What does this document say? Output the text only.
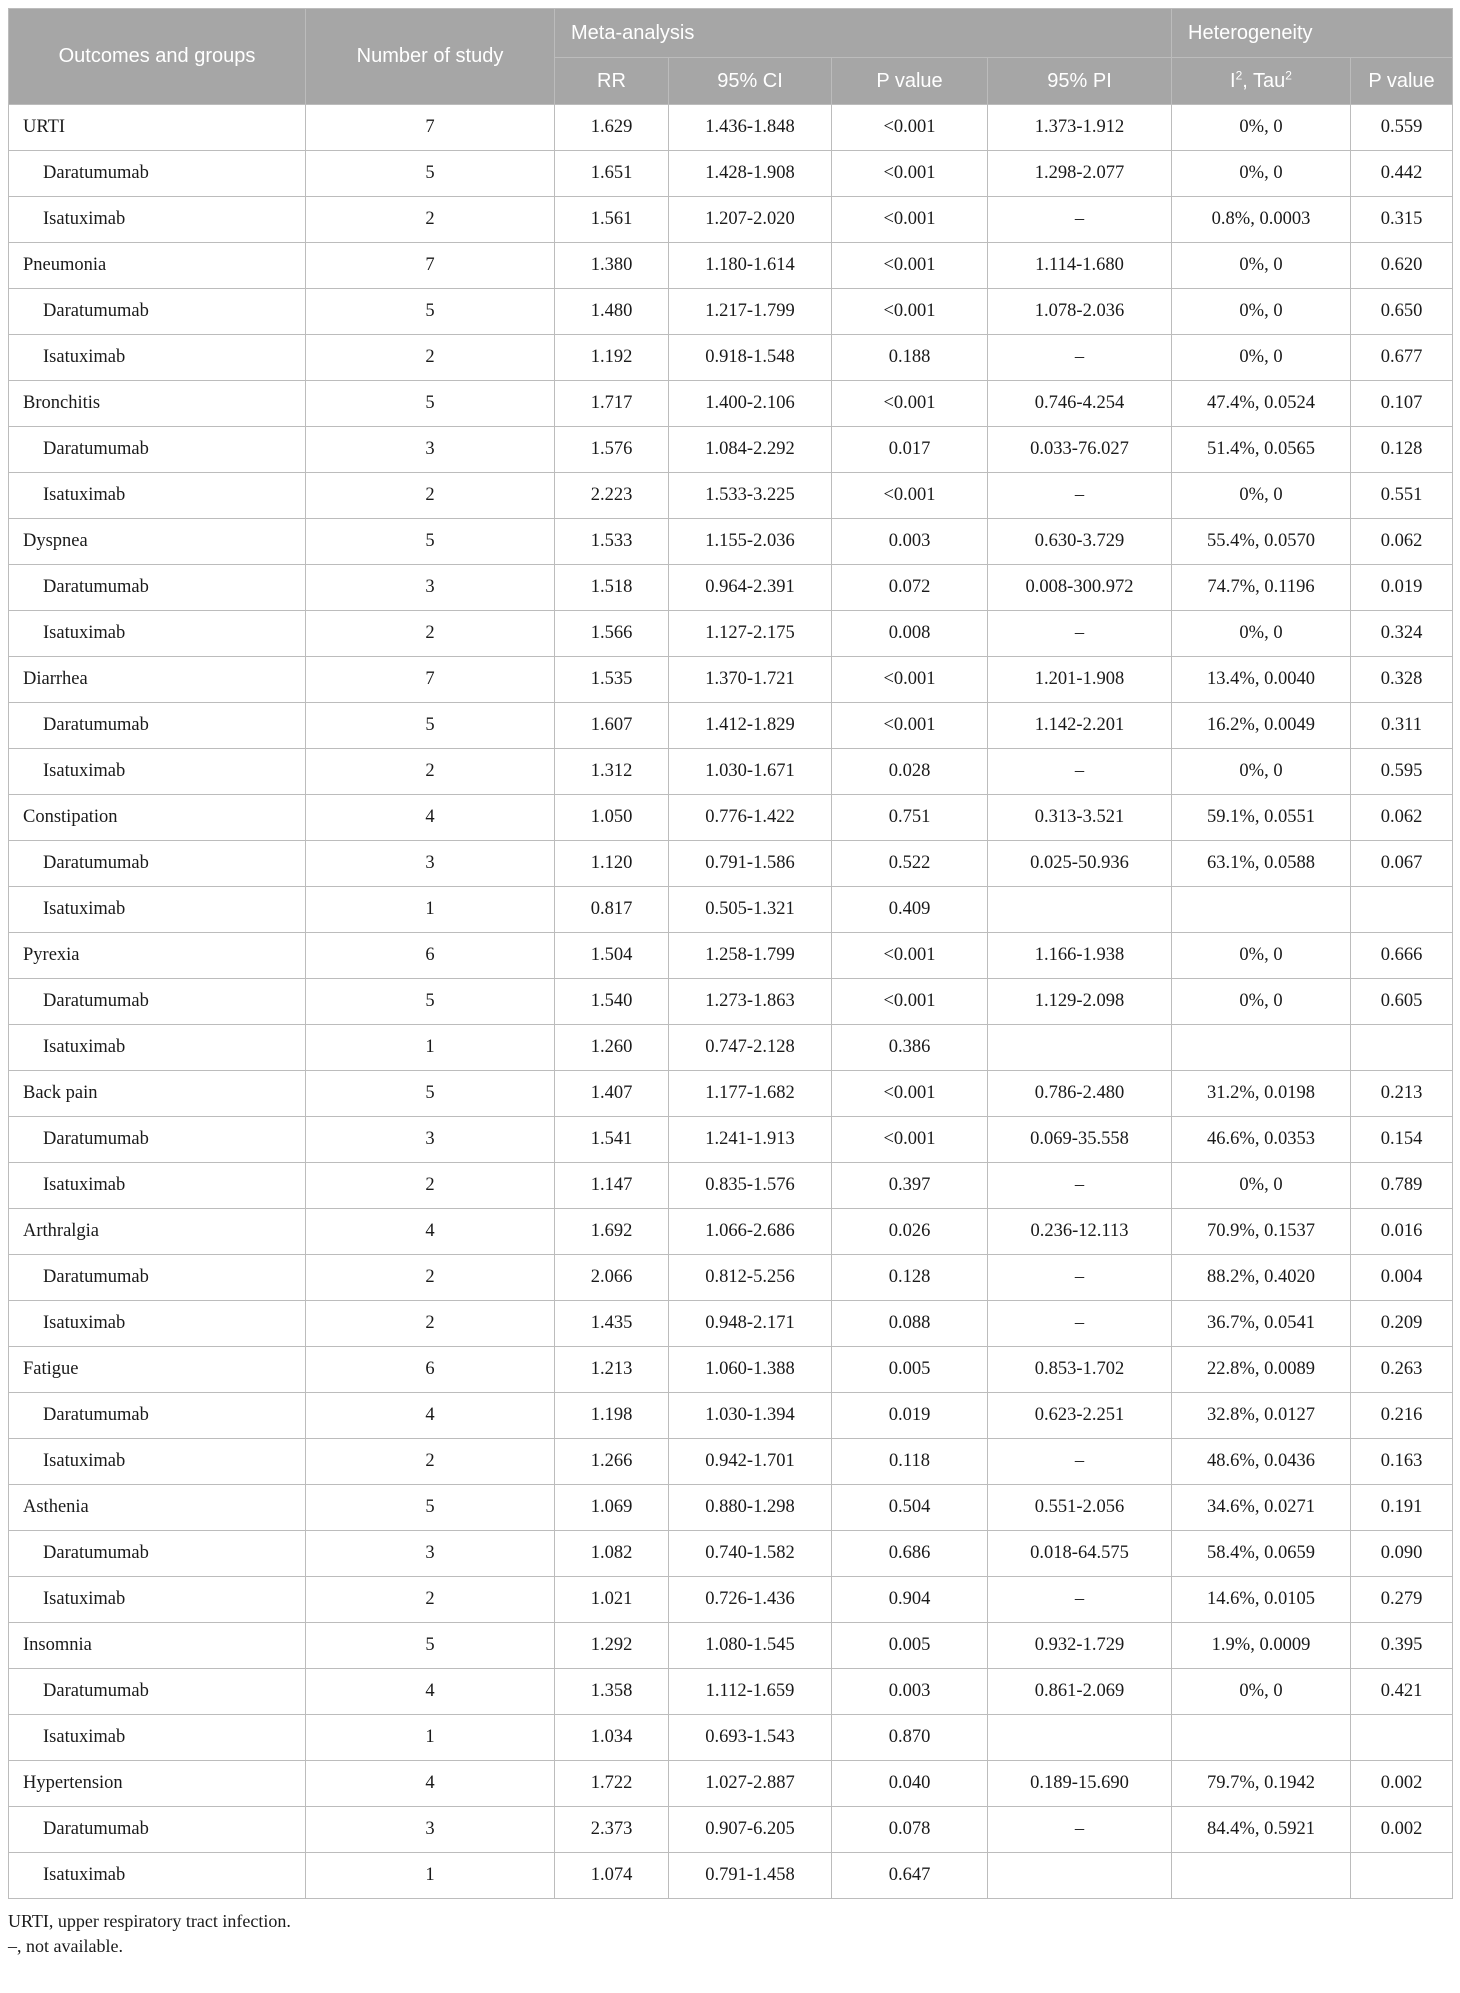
Outcomes and groups	Number of study	Meta-analysis				Heterogeneity	
		RR	95% CI	P value	95% PI	$I^2$, Tau$^2$	P value
URTI	7	1.629	1.436-1.848	<0.001	1.373-1.912	0%, 0	0.559
Daratumumab	5	1.651	1.428-1.908	<0.001	1.298-2.077	0%, 0	0.442
Isatuximab	2	1.561	1.207-2.020	<0.001	–	0.8%, 0.0003	0.315
Pneumonia	7	1.380	1.180-1.614	<0.001	1.114-1.680	0%, 0	0.620
Daratumumab	5	1.480	1.217-1.799	<0.001	1.078-2.036	0%, 0	0.650
Isatuximab	2	1.192	0.918-1.548	0.188	–	0%, 0	0.677
Bronchitis	5	1.717	1.400-2.106	<0.001	0.746-4.254	47.4%, 0.0524	0.107
Daratumumab	3	1.576	1.084-2.292	0.017	0.033-76.027	51.4%, 0.0565	0.128
Isatuximab	2	2.223	1.533-3.225	<0.001	–	0%, 0	0.551
Dyspnea	5	1.533	1.155-2.036	0.003	0.630-3.729	55.4%, 0.0570	0.062
Daratumumab	3	1.518	0.964-2.391	0.072	0.008-300.972	74.7%, 0.1196	0.019
Isatuximab	2	1.566	1.127-2.175	0.008	–	0%, 0	0.324
Diarrhea	7	1.535	1.370-1.721	<0.001	1.201-1.908	13.4%, 0.0040	0.328
Daratumumab	5	1.607	1.412-1.829	<0.001	1.142-2.201	16.2%, 0.0049	0.311
Isatuximab	2	1.312	1.030-1.671	0.028	–	0%, 0	0.595
Constipation	4	1.050	0.776-1.422	0.751	0.313-3.521	59.1%, 0.0551	0.062
Daratumumab	3	1.120	0.791-1.586	0.522	0.025-50.936	63.1%, 0.0588	0.067
Isatuximab	1	0.817	0.505-1.321	0.409			
Pyrexia	6	1.504	1.258-1.799	<0.001	1.166-1.938	0%, 0	0.666
Daratumumab	5	1.540	1.273-1.863	<0.001	1.129-2.098	0%, 0	0.605
Isatuximab	1	1.260	0.747-2.128	0.386			
Back pain	5	1.407	1.177-1.682	<0.001	0.786-2.480	31.2%, 0.0198	0.213
Daratumumab	3	1.541	1.241-1.913	<0.001	0.069-35.558	46.6%, 0.0353	0.154
Isatuximab	2	1.147	0.835-1.576	0.397	–	0%, 0	0.789
Arthralgia	4	1.692	1.066-2.686	0.026	0.236-12.113	70.9%, 0.1537	0.016
Daratumumab	2	2.066	0.812-5.256	0.128	–	88.2%, 0.4020	0.004
Isatuximab	2	1.435	0.948-2.171	0.088	–	36.7%, 0.0541	0.209
Fatigue	6	1.213	1.060-1.388	0.005	0.853-1.702	22.8%, 0.0089	0.263
Daratumumab	4	1.198	1.030-1.394	0.019	0.623-2.251	32.8%, 0.0127	0.216
Isatuximab	2	1.266	0.942-1.701	0.118	–	48.6%, 0.0436	0.163
Asthenia	5	1.069	0.880-1.298	0.504	0.551-2.056	34.6%, 0.0271	0.191
Daratumumab	3	1.082	0.740-1.582	0.686	0.018-64.575	58.4%, 0.0659	0.090
Isatuximab	2	1.021	0.726-1.436	0.904	–	14.6%, 0.0105	0.279
Insomnia	5	1.292	1.080-1.545	0.005	0.932-1.729	1.9%, 0.0009	0.395
Daratumumab	4	1.358	1.112-1.659	0.003	0.861-2.069	0%, 0	0.421
Isatuximab	1	1.034	0.693-1.543	0.870			
Hypertension	4	1.722	1.027-2.887	0.040	0.189-15.690	79.7%, 0.1942	0.002
Daratumumab	3	2.373	0.907-6.205	0.078	–	84.4%, 0.5921	0.002
Isatuximab	1	1.074	0.791-1.458	0.647			
URTI, upper respiratory tract infection.
–, not available.
